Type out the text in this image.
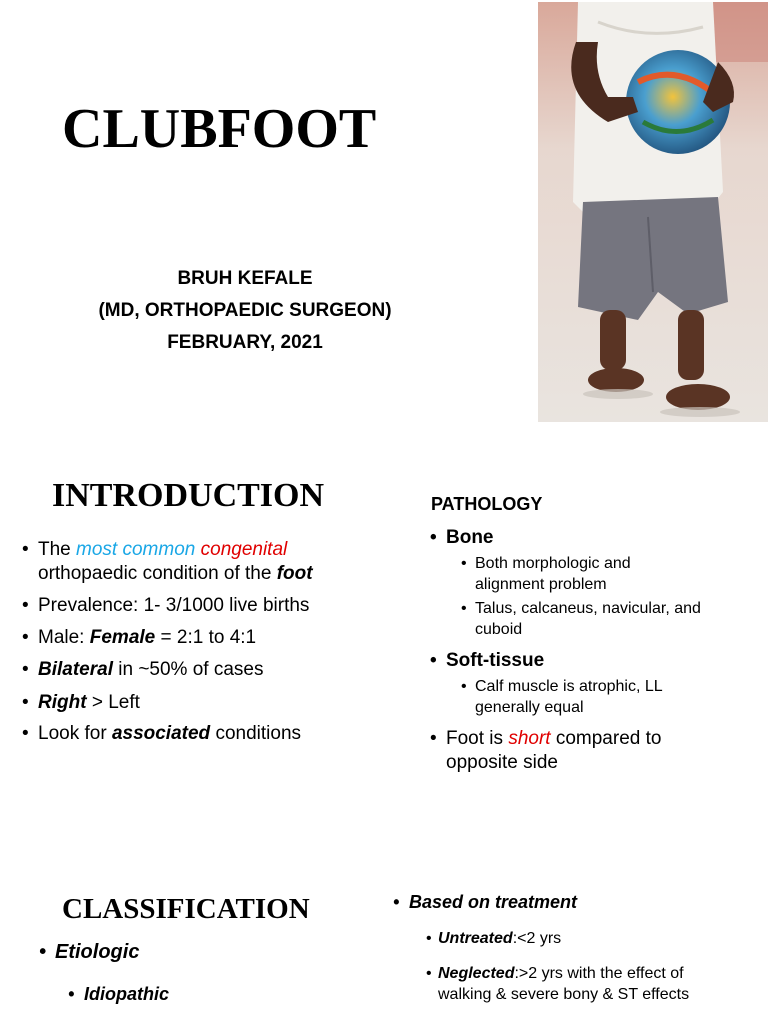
CLUBFOOT
BRUH KEFALE
(MD, ORTHOPAEDIC SURGEON)
FEBRUARY, 2021
INTRODUCTION
• The most common congenital
orthopaedic condition of the foot
• Prevalence: 1- 3/1000 live births
• Male: Female = 2:1 to 4:1
• Bilateral in ~50% of cases
• Right > Left
• Look for associated conditions
PATHOLOGY
• Bone
• Both morphologic and
alignment problem
• Talus, calcaneus, navicular, and
cuboid
• Soft-tissue
• Calf muscle is atrophic, LL
generally equal
• Foot is short compared to
opposite side
CLASSIFICATION
• Etiologic
• Idiopathic
• Based on treatment
• Untreated:<2 yrs
• Neglected:>2 yrs with the effect of
walking & severe bony & ST effects
